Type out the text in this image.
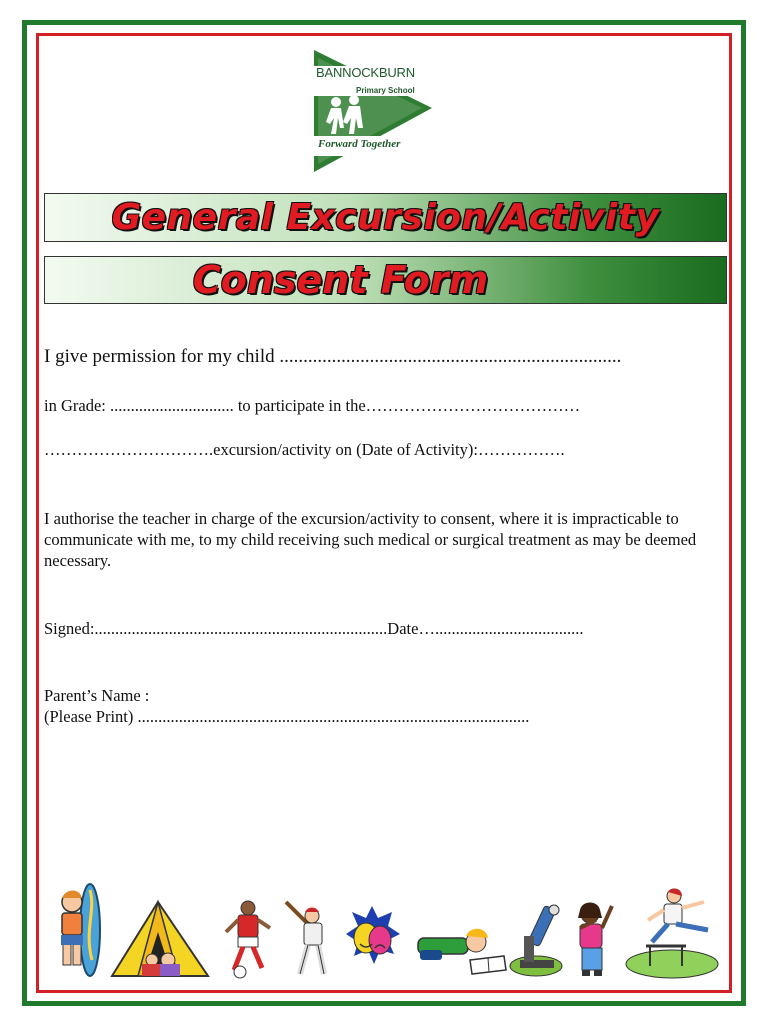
BANNOCKBURN
Primary School
Forward Together
General Excursion/Activity
Consent Form
I give permission for my child ........................................................................
in Grade: .............................. to participate in the…………………………………
………………………….excursion/activity on (Date of Activity):…………….
I authorise the teacher in charge of the excursion/activity to consent, where it is impracticable to communicate with me, to my child receiving such medical or surgical treatment as may be deemed necessary.
Signed:.......................................................................Date…....................................
Parent’s Name :
(Please Print) ...............................................................................................
